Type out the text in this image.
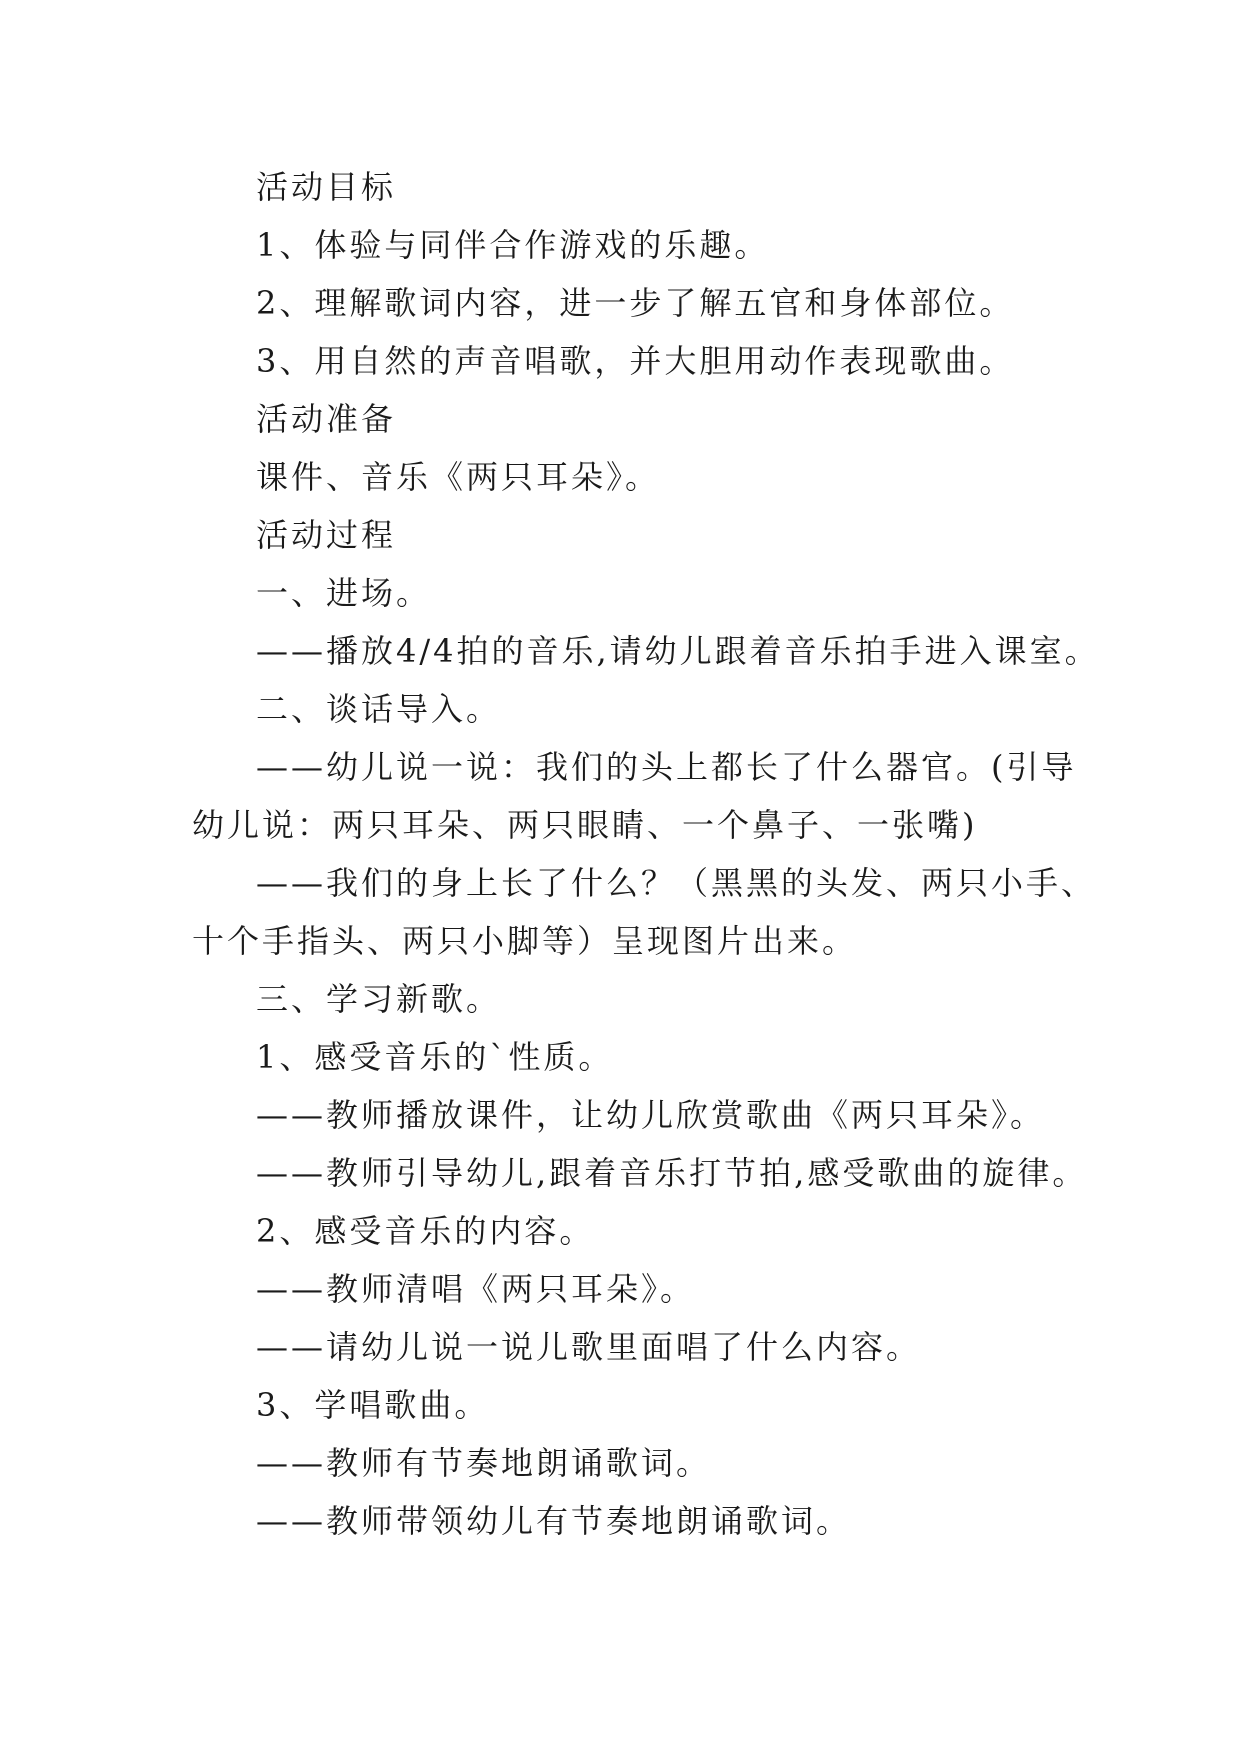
活动目标
1、体验与同伴合作游戏的乐趣。
2、理解歌词内容，进一步了解五官和身体部位。
3、用自然的声音唱歌，并大胆用动作表现歌曲。
活动准备
课件、音乐《两只耳朵》。
活动过程
一、进场。
——播放4/4拍的音乐,请幼儿跟着音乐拍手进入课室。
二、谈话导入。
——幼儿说一说：我们的头上都长了什么器官。(引导
幼儿说：两只耳朵、两只眼睛、一个鼻子、一张嘴)
——我们的身上长了什么？（黑黑的头发、两只小手、
十个手指头、两只小脚等）呈现图片出来。
三、学习新歌。
1、感受音乐的`性质。
——教师播放课件，让幼儿欣赏歌曲《两只耳朵》。
——教师引导幼儿,跟着音乐打节拍,感受歌曲的旋律。
2、感受音乐的内容。
——教师清唱《两只耳朵》。
——请幼儿说一说儿歌里面唱了什么内容。
3、学唱歌曲。
——教师有节奏地朗诵歌词。
——教师带领幼儿有节奏地朗诵歌词。
